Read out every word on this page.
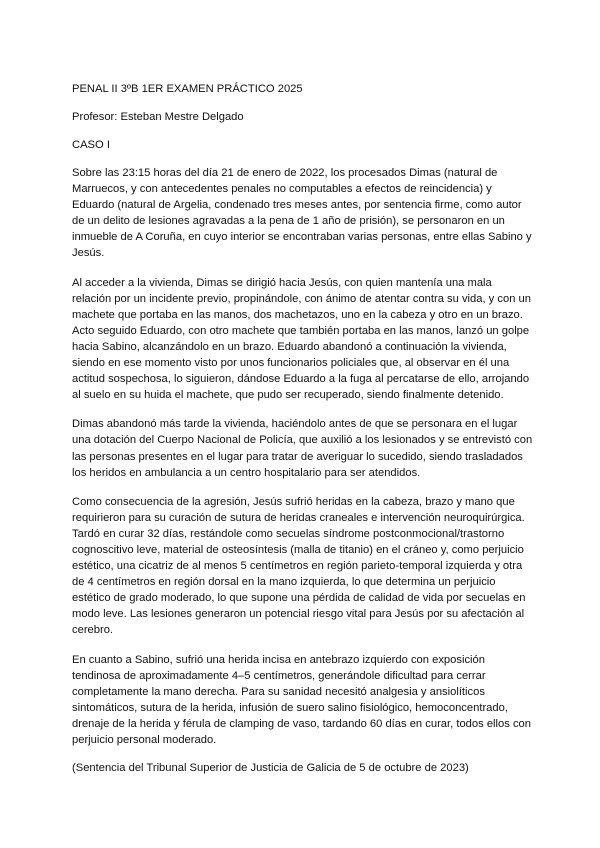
PENAL II 3ºB 1ER EXAMEN PRÁCTICO 2025

Profesor: Esteban Mestre Delgado

CASO I

Sobre las 23:15 horas del día 21 de enero de 2022, los procesados Dimas (natural de Marruecos, y con antecedentes penales no computables a efectos de reincidencia) y Eduardo (natural de Argelia, condenado tres meses antes, por sentencia firme, como autor de un delito de lesiones agravadas a la pena de 1 año de prisión), se personaron en un inmueble de A Coruña, en cuyo interior se encontraban varias personas, entre ellas Sabino y Jesús.

Al acceder a la vivienda, Dimas se dirigió hacia Jesús, con quien mantenía una mala relación por un incidente previo, propinándole, con ánimo de atentar contra su vida, y con un machete que portaba en las manos, dos machetazos, uno en la cabeza y otro en un brazo. Acto seguido Eduardo, con otro machete que también portaba en las manos, lanzó un golpe hacia Sabino, alcanzándolo en un brazo. Eduardo abandonó a continuación la vivienda, siendo en ese momento visto por unos funcionarios policiales que, al observar en él una actitud sospechosa, lo siguieron, dándose Eduardo a la fuga al percatarse de ello, arrojando al suelo en su huida el machete, que pudo ser recuperado, siendo finalmente detenido.

Dimas abandonó más tarde la vivienda, haciéndolo antes de que se personara en el lugar una dotación del Cuerpo Nacional de Policía, que auxilió a los lesionados y se entrevistó con las personas presentes en el lugar para tratar de averiguar lo sucedido, siendo trasladados los heridos en ambulancia a un centro hospitalario para ser atendidos.

Como consecuencia de la agresión, Jesús sufrió heridas en la cabeza, brazo y mano que requirieron para su curación de sutura de heridas craneales e intervención neuroquirúrgica. Tardó en curar 32 días, restándole como secuelas síndrome postconmocional/trastorno cognoscitivo leve, material de osteosíntesis (malla de titanio) en el cráneo y, como perjuicio estético, una cicatriz de al menos 5 centímetros en región parieto-temporal izquierda y otra de 4 centímetros en región dorsal en la mano izquierda, lo que determina un perjuicio estético de grado moderado, lo que supone una pérdida de calidad de vida por secuelas en modo leve. Las lesiones generaron un potencial riesgo vital para Jesús por su afectación al cerebro.

En cuanto a Sabino, sufrió una herida incisa en antebrazo izquierdo con exposición tendinosa de aproximadamente 4–5 centímetros, generándole dificultad para cerrar completamente la mano derecha. Para su sanidad necesitó analgesia y ansiolíticos sintomáticos, sutura de la herida, infusión de suero salino fisiológico, hemoconcentrado, drenaje de la herida y férula de clamping de vaso, tardando 60 días en curar, todos ellos con perjuicio personal moderado.

(Sentencia del Tribunal Superior de Justicia de Galicia de 5 de octubre de 2023)
